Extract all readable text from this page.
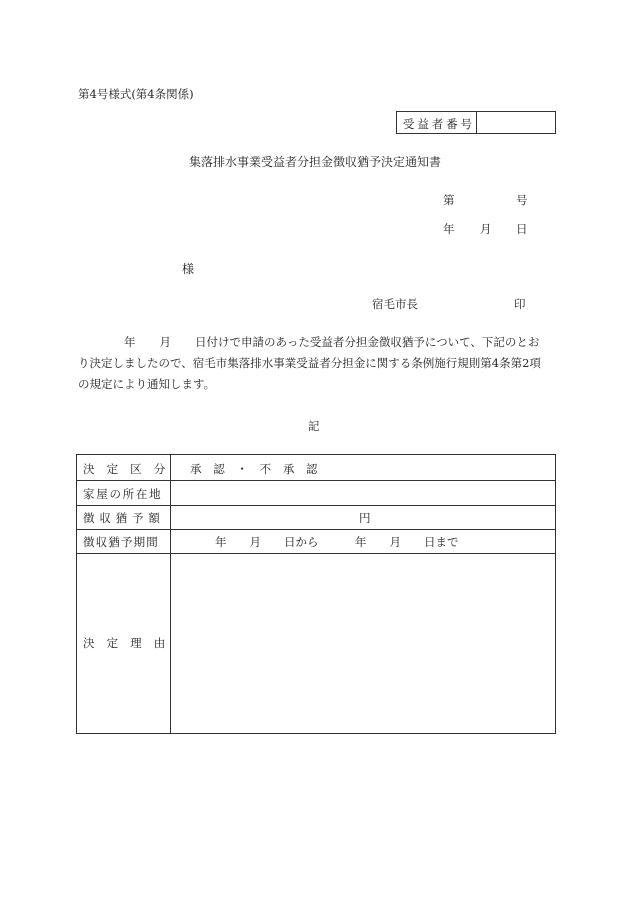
第4号様式(第4条関係)
受益者番号
集落排水事業受益者分担金徴収猶予決定通知書
第	号
年 月 日
様
宿毛市長	印
年 月 日付けで申請のあった受益者分担金徴収猶予について、下記のとおり決定しましたので、宿毛市集落排水事業受益者分担金に関する条例施行規則第4条第2項の規定により通知します。
記
決定区分 承 認 ・ 不 承 認
家屋の所在地
徴収猶予額	円
徴収猶予期間	年　　月　　日から	年　　月　　日まで
決定理由
